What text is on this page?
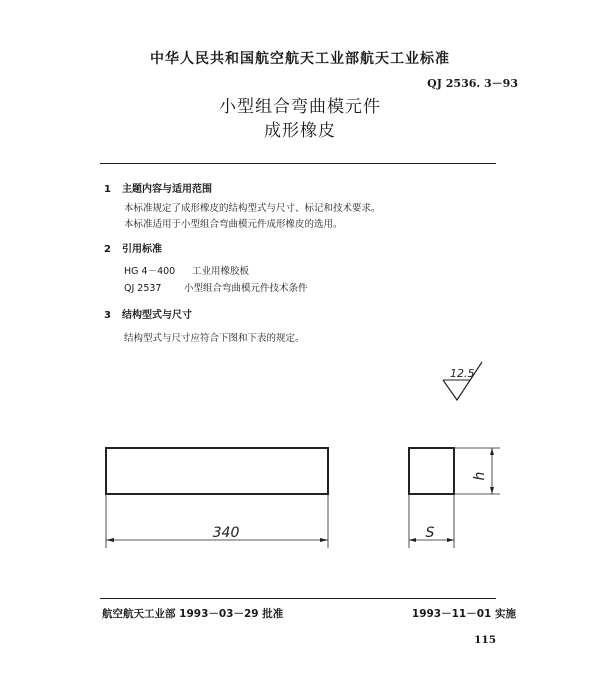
中华人民共和国航空航天工业部航天工业标准
QJ 2536. 3－93
小型组合弯曲模元件
成形橡皮
1 主题内容与适用范围
本标准规定了成形橡皮的结构型式与尺寸、标记和技术要求。
本标准适用于小型组合弯曲模元件成形橡皮的选用。
2 引用标准
HG 4－400 工业用橡胶板
QJ 2537 小型组合弯曲模元件技术条件
3 结构型式与尺寸
结构型式与尺寸应符合下图和下表的规定。
12.5
340	S
h
航空航天工业部 1993－03－29 批准	1993－11－01 实施
115
